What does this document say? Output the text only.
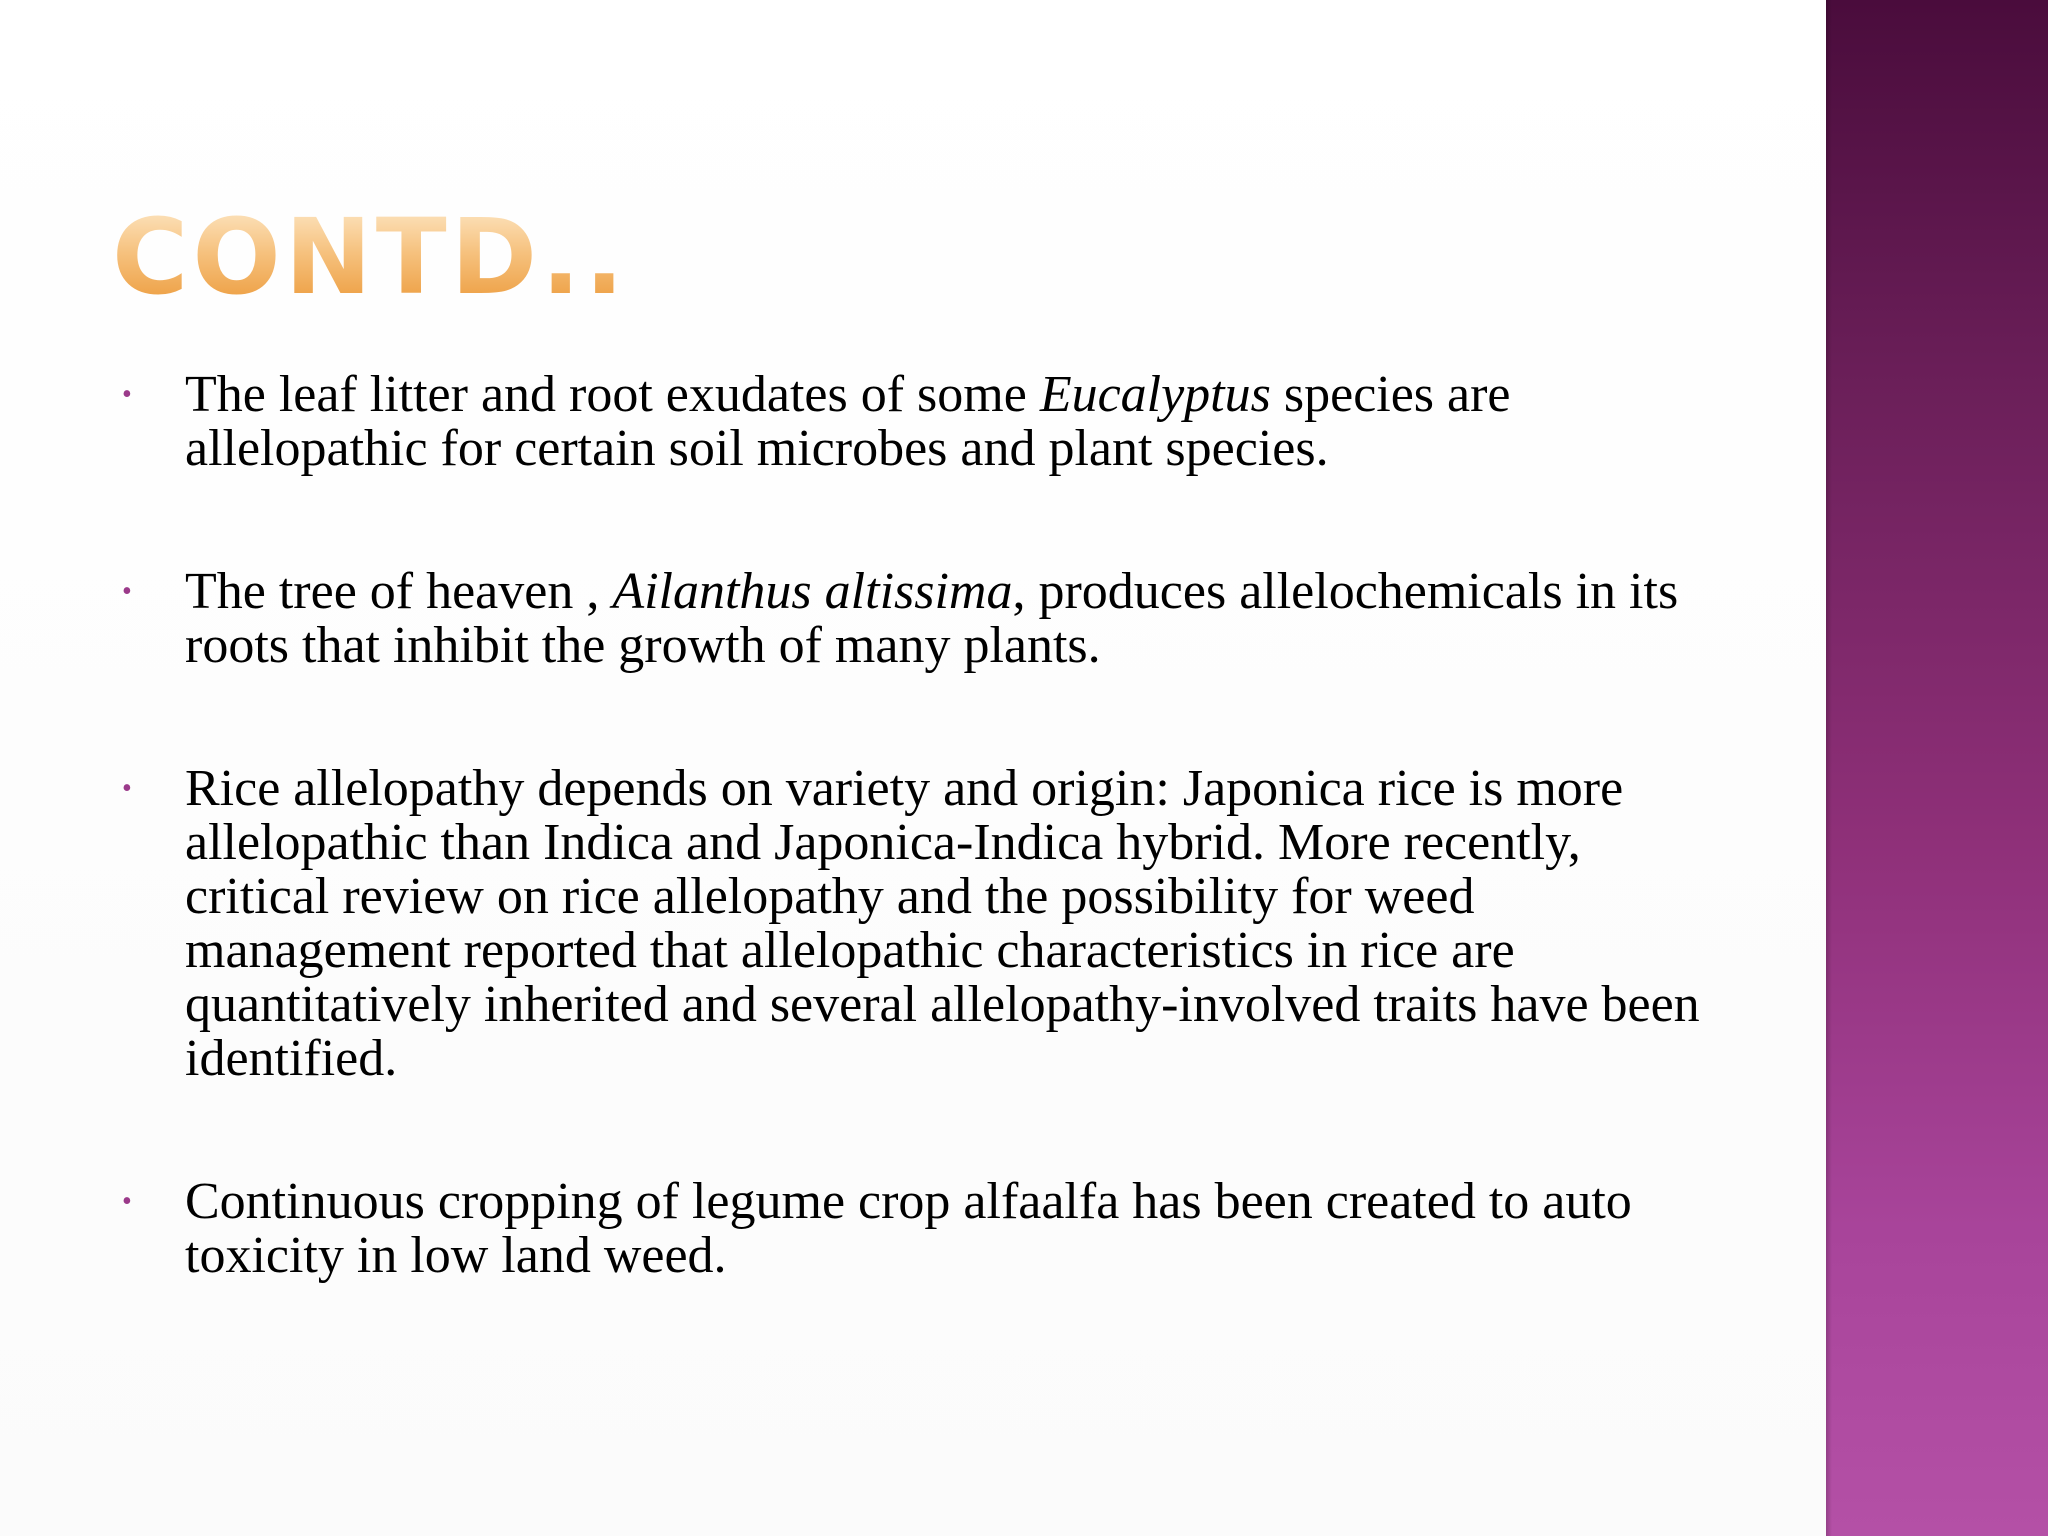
CONTD..
• The leaf litter and root exudates of some Eucalyptus species are allelopathic for certain soil microbes and plant species.
• The tree of heaven , Ailanthus altissima, produces allelochemicals in its roots that inhibit the growth of many plants.
• Rice allelopathy depends on variety and origin: Japonica rice is more allelopathic than Indica and Japonica-Indica hybrid. More recently, critical review on rice allelopathy and the possibility for weed management reported that allelopathic characteristics in rice are quantitatively inherited and several allelopathy-involved traits have been identified.
• Continuous cropping of legume crop alfaalfa has been created to auto toxicity in low land weed.
